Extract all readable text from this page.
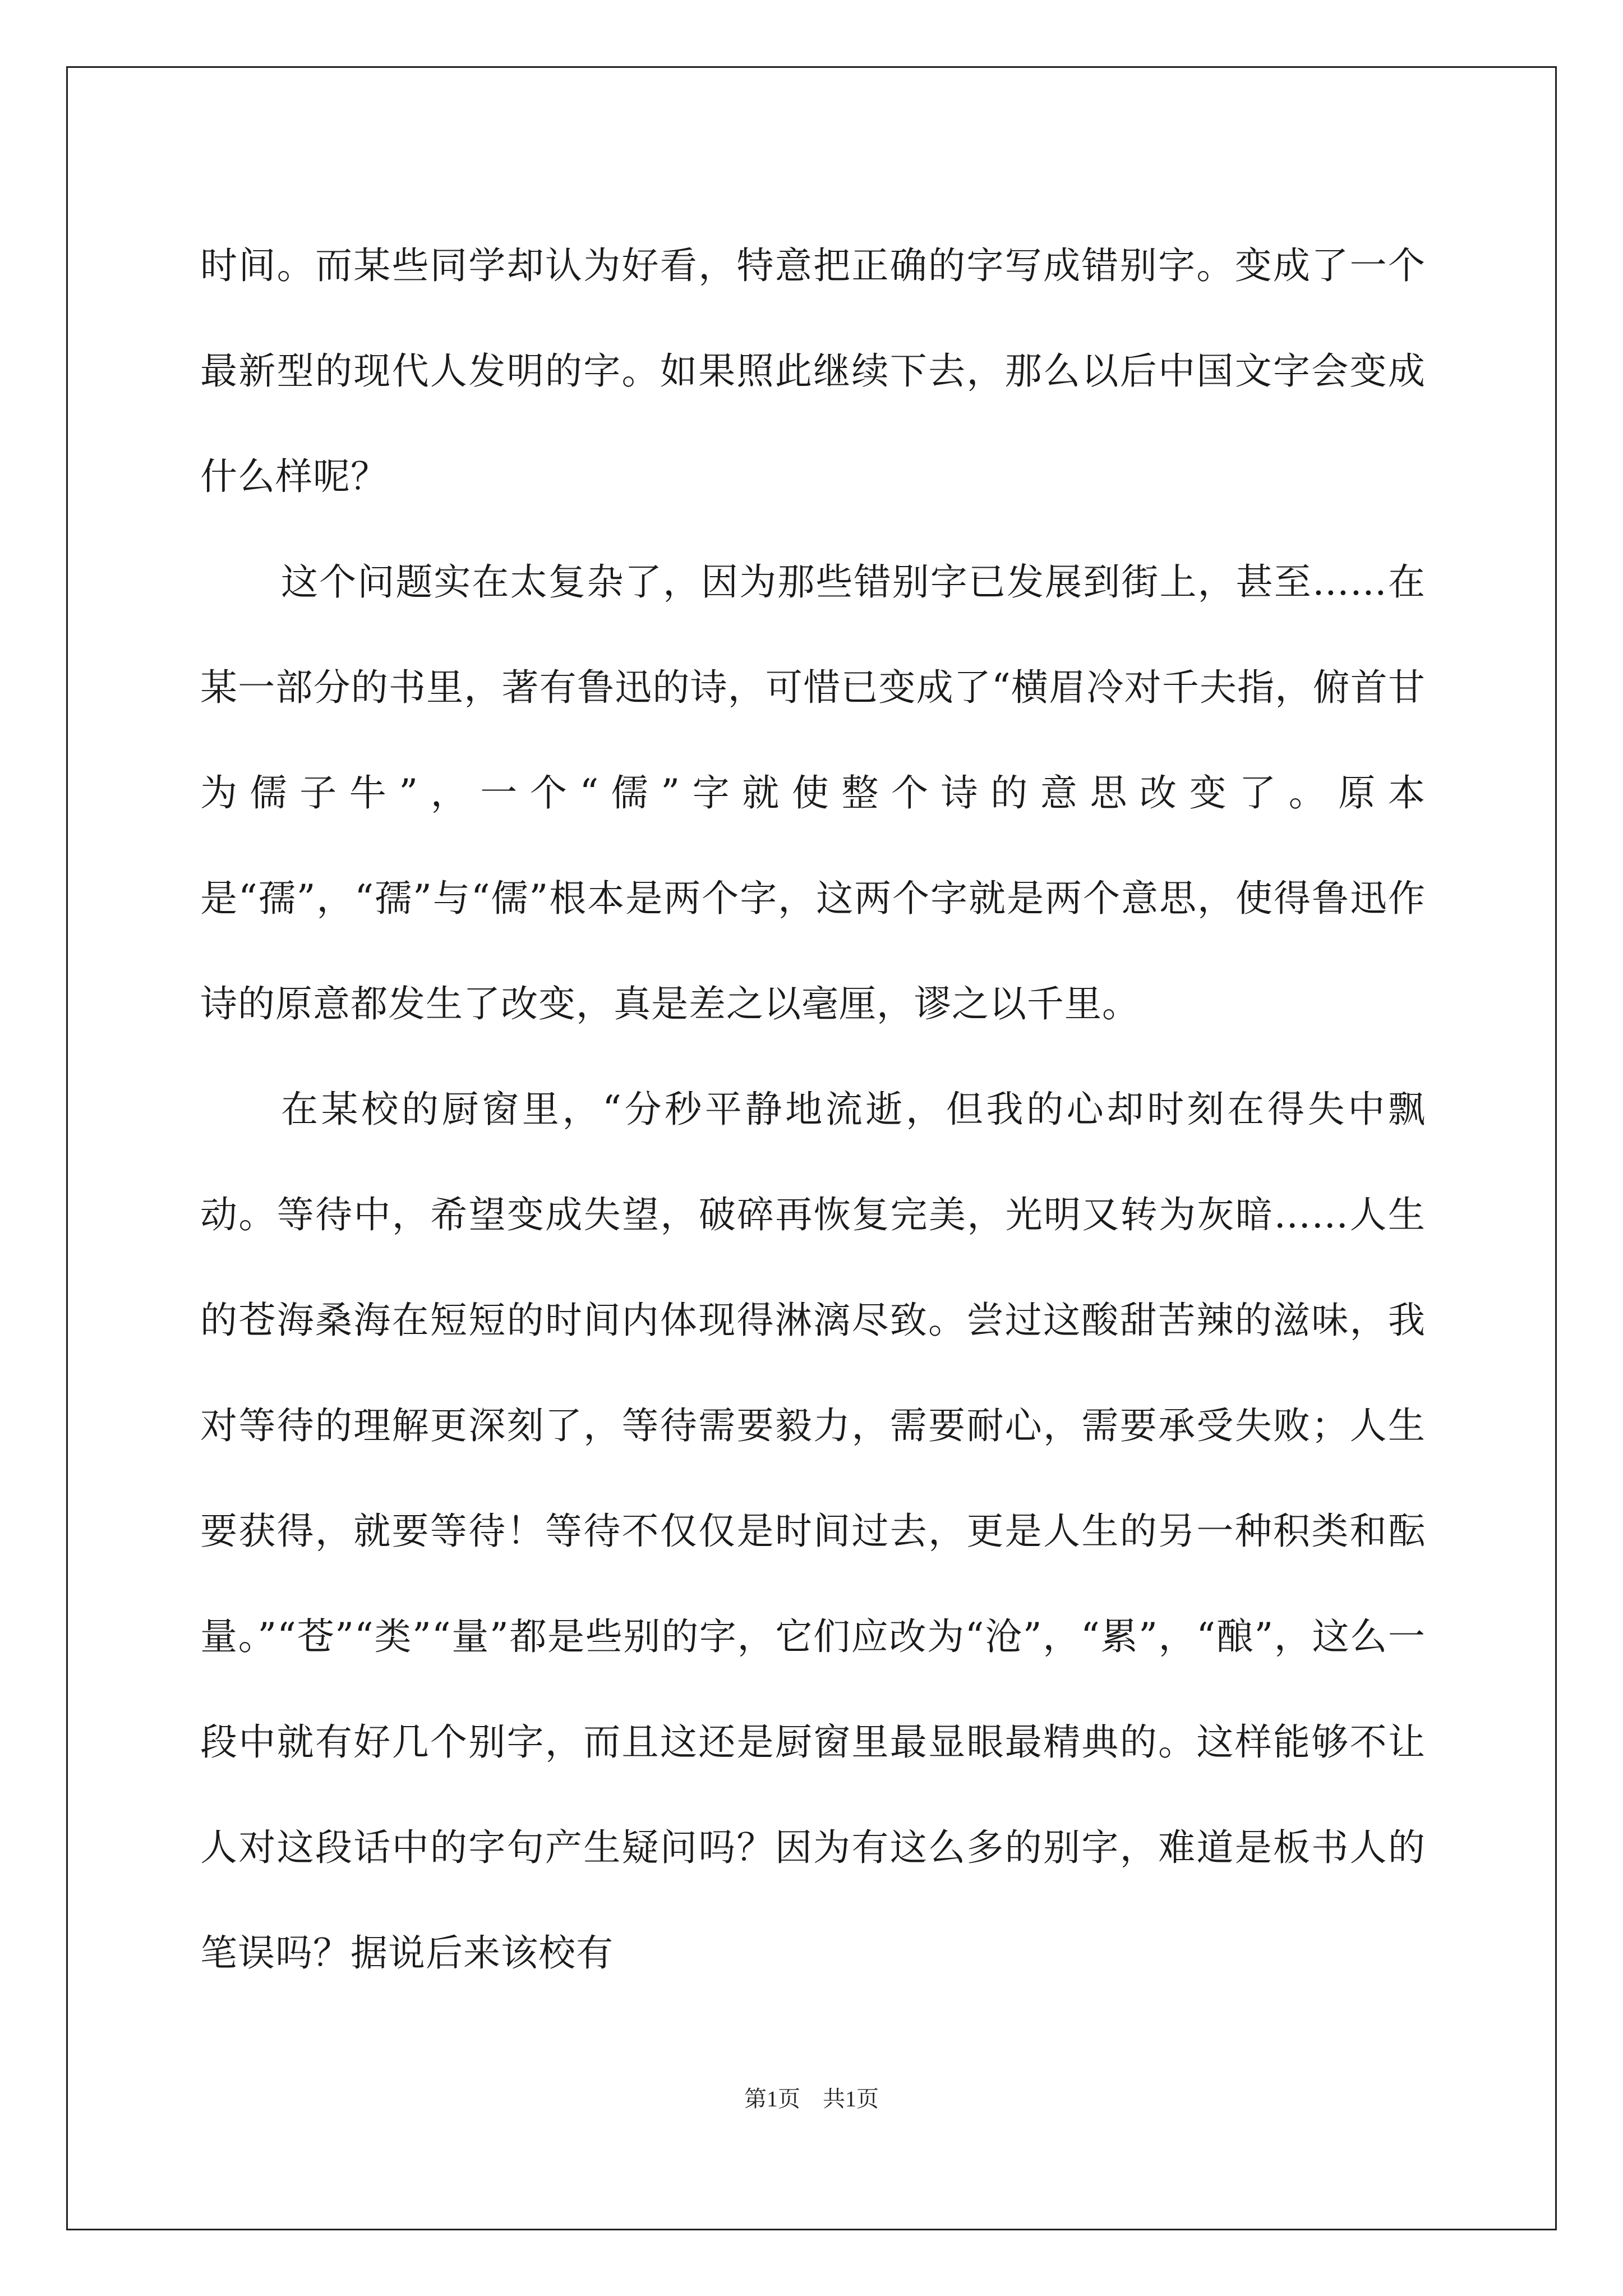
时间。而某些同学却认为好看，特意把正确的字写成错别字。变成了一个最新型的现代人发明的字。如果照此继续下去，那么以后中国文字会变成什么样呢？

这个问题实在太复杂了，因为那些错别字已发展到街上，甚至……在某一部分的书里，著有鲁迅的诗，可惜已变成了“横眉冷对千夫指，俯首甘为儒子牛”，一个“儒”字就使整个诗的意思改变了。原本是“孺”，“孺”与“儒”根本是两个字，这两个字就是两个意思，使得鲁迅作诗的原意都发生了改变，真是差之以毫厘，谬之以千里。

在某校的厨窗里，“分秒平静地流逝，但我的心却时刻在得失中飘动。等待中，希望变成失望，破碎再恢复完美，光明又转为灰暗……人生的苍海桑海在短短的时间内体现得淋漓尽致。尝过这酸甜苦辣的滋味，我对等待的理解更深刻了，等待需要毅力，需要耐心，需要承受失败；人生要获得，就要等待！等待不仅仅是时间过去，更是人生的另一种积类和酝量。”“苍”“类”“量”都是些别的字，它们应改为“沧”，“累”，“酿”，这么一段中就有好几个别字，而且这还是厨窗里最显眼最精典的。这样能够不让人对这段话中的字句产生疑问吗？因为有这么多的别字，难道是板书人的笔误吗？据说后来该校有

第1页 共1页
